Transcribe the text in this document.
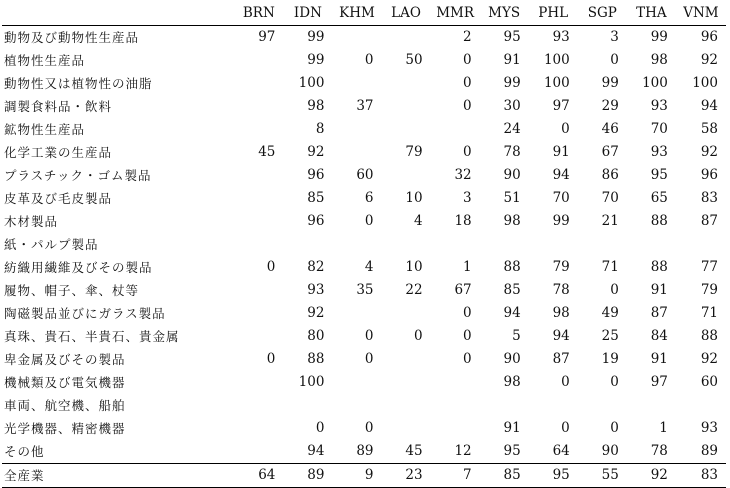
	BRN	IDN	KHM	LAO	MMR	MYS	PHL	SGP	THA	VNM
動物及び動物性生産品	97	99			2	95	93	3	99	96
植物性生産品		99	0	50	0	91	100	0	98	92
動物性又は植物性の油脂		100			0	99	100	99	100	100
調製食料品・飲料		98	37		0	30	97	29	93	94
鉱物性生産品		8				24	0	46	70	58
化学工業の生産品	45	92		79	0	78	91	67	93	92
プラスチック・ゴム製品		96	60		32	90	94	86	95	96
皮革及び毛皮製品		85	6	10	3	51	70	70	65	83
木材製品		96	0	4	18	98	99	21	88	87
紙・パルプ製品										
紡織用繊維及びその製品	0	82	4	10	1	88	79	71	88	77
履物、帽子、傘、杖等		93	35	22	67	85	78	0	91	79
陶磁製品並びにガラス製品		92			0	94	98	49	87	71
真珠、貴石、半貴石、貴金属		80	0	0	0	5	94	25	84	88
卑金属及びその製品	0	88	0		0	90	87	19	91	92
機械類及び電気機器		100				98	0	0	97	60
車両、航空機、船舶										
光学機器、精密機器		0	0			91	0	0	1	93
その他		94	89	45	12	95	64	90	78	89
全産業	64	89	9	23	7	85	95	55	92	83
